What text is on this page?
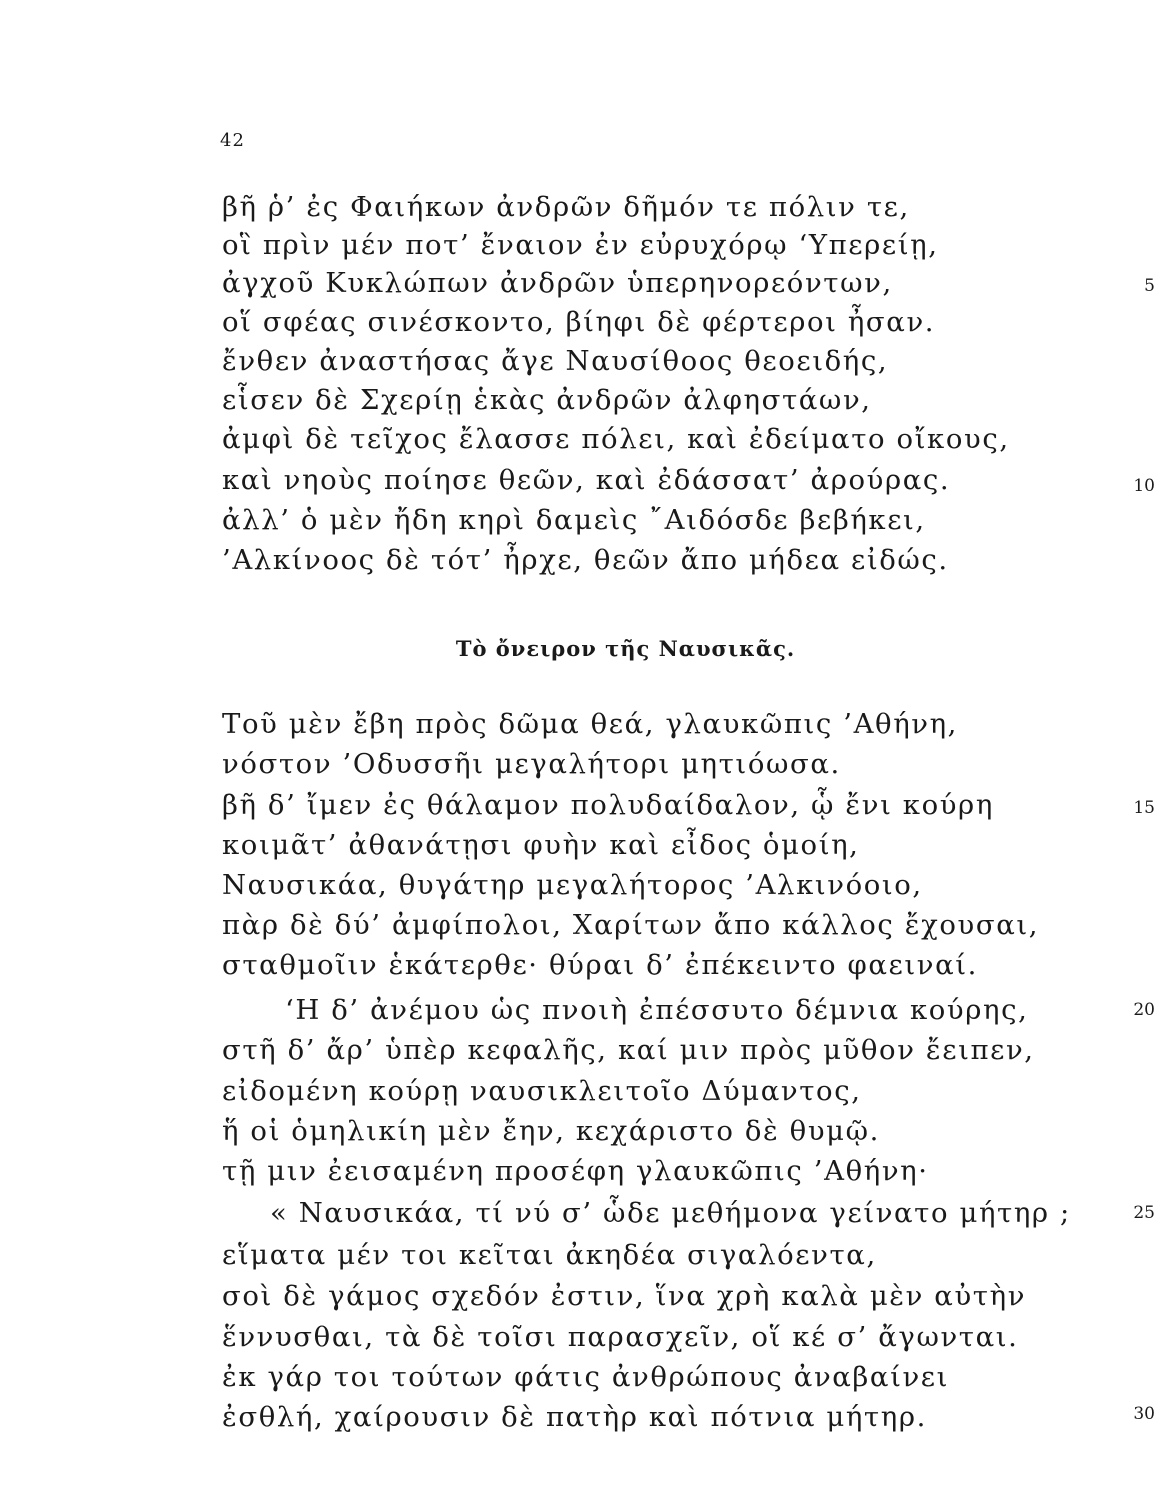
42
βῆ ῥ’ ἐς Φαιήκων ἀνδρῶν δῆμόν τε πόλιν τε,
οἳ πρὶν μέν ποτ’ ἔναιον ἐν εὐρυχόρῳ ‘Υπερείῃ,
ἀγχοῦ Κυκλώπων ἀνδρῶν ὑπερηνορεόντων,	5
οἵ σφέας σινέσκοντο, βίηφι δὲ φέρτεροι ἦσαν.
ἔνθεν ἀναστήσας ἄγε Ναυσίθοος θεοειδής,
εἷσεν δὲ Σχερίῃ ἑκὰς ἀνδρῶν ἀλφηστάων,
ἀμφὶ δὲ τεῖχος ἔλασσε πόλει, καὶ ἐδείματο οἴκους,
καὶ νηοὺς ποίησε θεῶν, καὶ ἐδάσσατ’ ἀρούρας.	10
ἀλλ’ ὁ μὲν ἤδη κηρὶ δαμεὶς ῎Αιδόσδε βεβήκει,
’Αλκίνοος δὲ τότ’ ἦρχε, θεῶν ἄπο μήδεα εἰδώς.
Τὸ ὄνειρον τῆς Ναυσικᾶς.
Τοῦ μὲν ἔβη πρὸς δῶμα θεά, γλαυκῶπις ’Αθήνη,
νόστον ’Οδυσσῆι μεγαλήτορι μητιόωσα.
βῆ δ’ ἴμεν ἐς θάλαμον πολυδαίδαλον, ᾧ ἔνι κούρη	15
κοιμᾶτ’ ἀθανάτῃσι φυὴν καὶ εἶδος ὁμοίη,
Ναυσικάα, θυγάτηρ μεγαλήτορος ’Αλκινόοιο,
πὰρ δὲ δύ’ ἀμφίπολοι, Χαρίτων ἄπο κάλλος ἔχουσαι,
σταθμοῖιν ἑκάτερθε· θύραι δ’ ἐπέκειντο φαειναί.
‘Η δ’ ἀνέμου ὡς πνοιὴ ἐπέσσυτο δέμνια κούρης,	20
στῆ δ’ ἄρ’ ὑπὲρ κεφαλῆς, καί μιν πρὸς μῦθον ἔειπεν,
εἰδομένη κούρῃ ναυσικλειτοῖο Δύμαντος,
ἥ οἱ ὁμηλικίη μὲν ἔην, κεχάριστο δὲ θυμῷ.
τῇ μιν ἐεισαμένη προσέφη γλαυκῶπις ’Αθήνη·
« Ναυσικάα, τί νύ σ’ ὧδε μεθήμονα γείνατο μήτηρ ;	25
εἵματα μέν τοι κεῖται ἀκηδέα σιγαλόεντα,
σοὶ δὲ γάμος σχεδόν ἐστιν, ἵνα χρὴ καλὰ μὲν αὐτὴν
ἕννυσθαι, τὰ δὲ τοῖσι παρασχεῖν, οἵ κέ σ’ ἄγωνται.
ἐκ γάρ τοι τούτων φάτις ἀνθρώπους ἀναβαίνει
ἐσθλή, χαίρουσιν δὲ πατὴρ καὶ πότνια μήτηρ.	30
